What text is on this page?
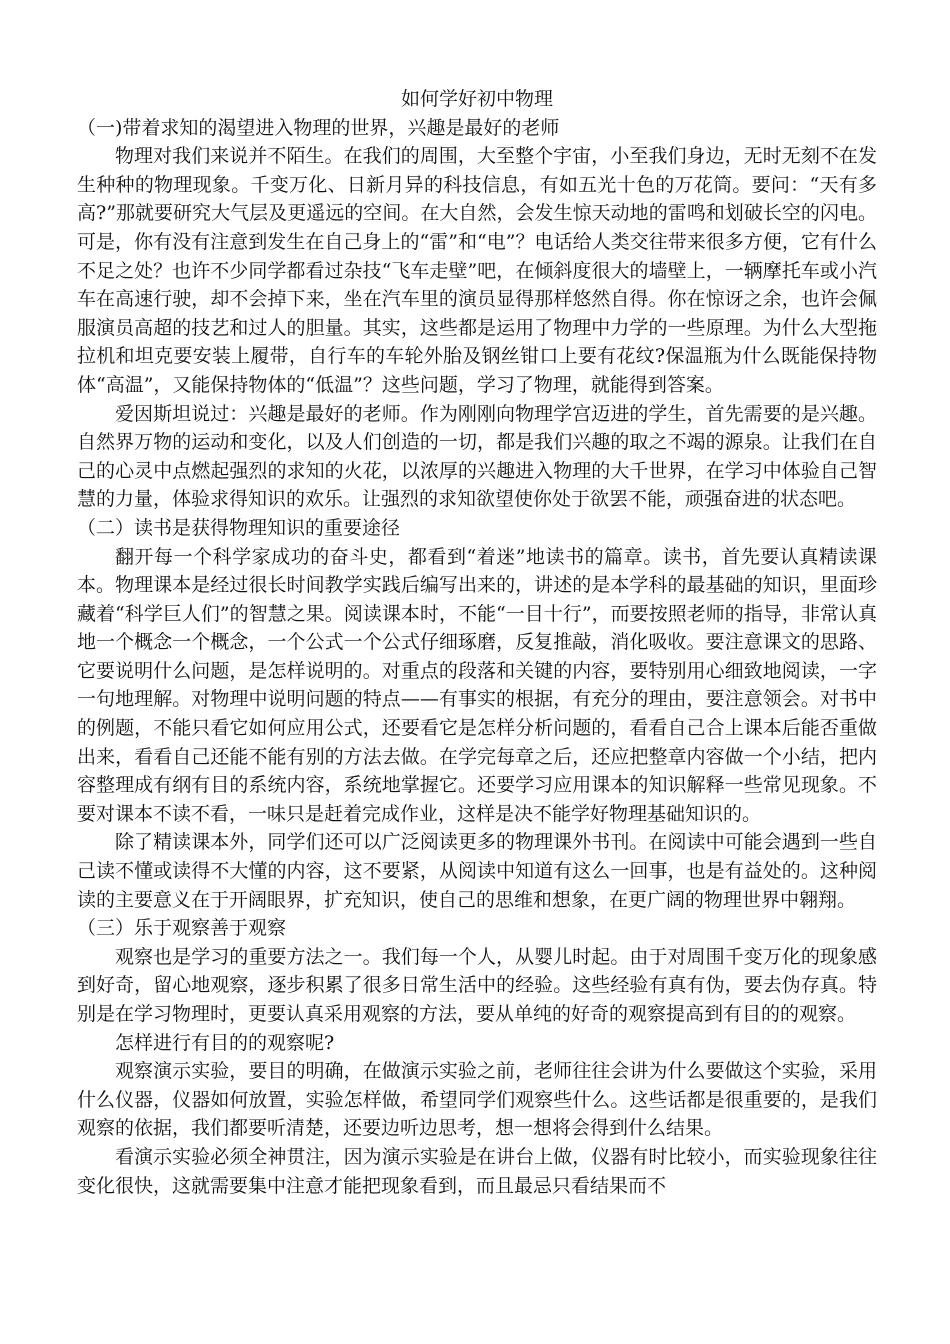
如何学好初中物理

（一)带着求知的渴望进入物理的世界，兴趣是最好的老师

物理对我们来说并不陌生。在我们的周围，大至整个宇宙，小至我们身边，无时无刻不在发生种种的物理现象。千变万化、日新月异的科技信息，有如五光十色的万花筒。要问：“天有多高?”那就要研究大气层及更遥远的空间。在大自然，会发生惊天动地的雷鸣和划破长空的闪电。可是，你有没有注意到发生在自己身上的“雷”和“电”？电话给人类交往带来很多方便，它有什么不足之处？也许不少同学都看过杂技“飞车走壁”吧，在倾斜度很大的墙壁上，一辆摩托车或小汽车在高速行驶，却不会掉下来，坐在汽车里的演员显得那样悠然自得。你在惊讶之余，也许会佩服演员高超的技艺和过人的胆量。其实，这些都是运用了物理中力学的一些原理。为什么大型拖拉机和坦克要安装上履带，自行车的车轮外胎及钢丝钳口上要有花纹?保温瓶为什么既能保持物体“高温”，又能保持物体的“低温”？这些问题，学习了物理，就能得到答案。

爱因斯坦说过：兴趣是最好的老师。作为刚刚向物理学宫迈进的学生，首先需要的是兴趣。自然界万物的运动和变化，以及人们创造的一切，都是我们兴趣的取之不竭的源泉。让我们在自己的心灵中点燃起强烈的求知的火花，以浓厚的兴趣进入物理的大千世界，在学习中体验自己智慧的力量，体验求得知识的欢乐。让强烈的求知欲望使你处于欲罢不能，顽强奋进的状态吧。

（二）读书是获得物理知识的重要途径

翻开每一个科学家成功的奋斗史，都看到“着迷”地读书的篇章。读书，首先要认真精读课本。物理课本是经过很长时间教学实践后编写出来的，讲述的是本学科的最基础的知识，里面珍藏着“科学巨人们”的智慧之果。阅读课本时，不能“一目十行”，而要按照老师的指导，非常认真地一个概念一个概念，一个公式一个公式仔细琢磨，反复推敲，消化吸收。要注意课文的思路、它要说明什么问题，是怎样说明的。对重点的段落和关键的内容，要特别用心细致地阅读，一字一句地理解。对物理中说明问题的特点——有事实的根据，有充分的理由，要注意领会。对书中的例题，不能只看它如何应用公式，还要看它是怎样分析问题的，看看自己合上课本后能否重做出来，看看自己还能不能有别的方法去做。在学完每章之后，还应把整章内容做一个小结，把内容整理成有纲有目的系统内容，系统地掌握它。还要学习应用课本的知识解释一些常见现象。不要对课本不读不看，一味只是赶着完成作业，这样是决不能学好物理基础知识的。

除了精读课本外，同学们还可以广泛阅读更多的物理课外书刊。在阅读中可能会遇到一些自己读不懂或读得不大懂的内容，这不要紧，从阅读中知道有这么一回事，也是有益处的。这种阅读的主要意义在于开阔眼界，扩充知识，使自己的思维和想象，在更广阔的物理世界中翱翔。

（三）乐于观察善于观察

观察也是学习的重要方法之一。我们每一个人，从婴儿时起。由于对周围千变万化的现象感到好奇，留心地观察，逐步积累了很多日常生活中的经验。这些经验有真有伪，要去伪存真。特别是在学习物理时，更要认真采用观察的方法，要从单纯的好奇的观察提高到有目的的观察。

怎样进行有目的的观察呢?

观察演示实验，要目的明确，在做演示实验之前，老师往往会讲为什么要做这个实验，采用什么仪器，仪器如何放置，实验怎样做，希望同学们观察些什么。这些话都是很重要的，是我们观察的依据，我们都要听清楚，还要边听边思考，想一想将会得到什么结果。

看演示实验必须全神贯注，因为演示实验是在讲台上做，仪器有时比较小，而实验现象往往变化很快，这就需要集中注意才能把现象看到，而且最忌只看结果而不
